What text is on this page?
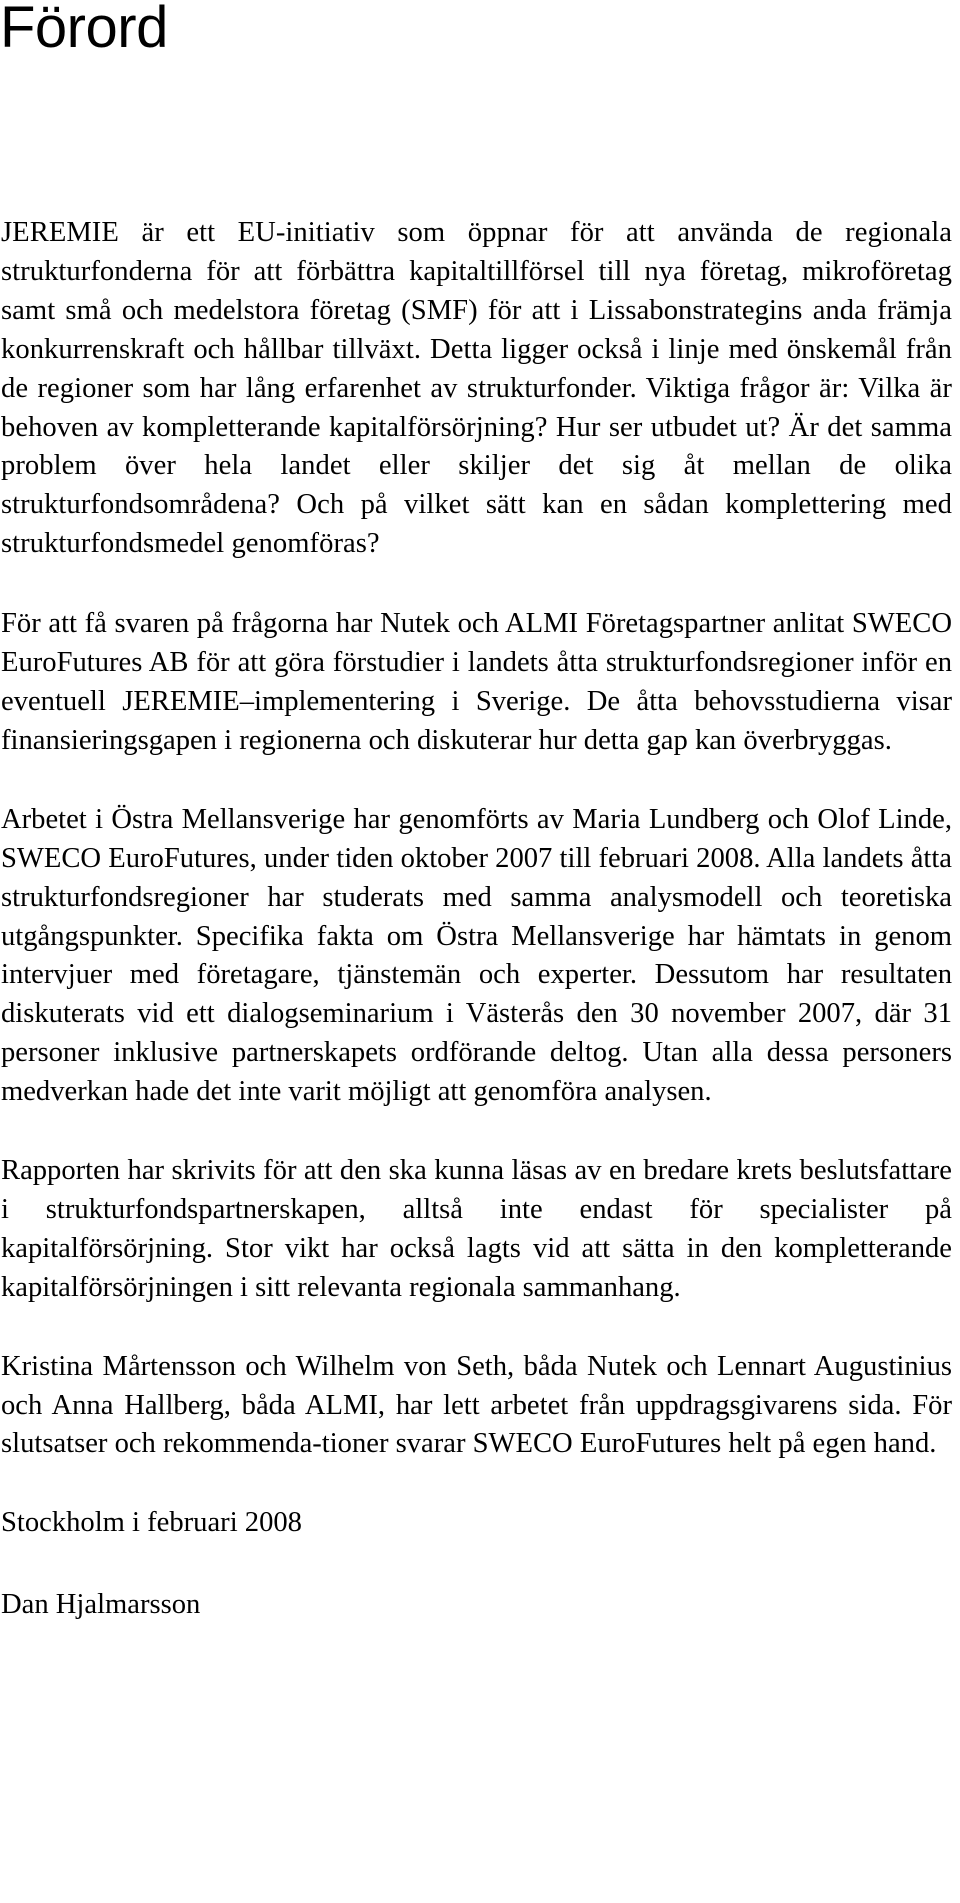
Förord

JEREMIE är ett EU-initiativ som öppnar för att använda de regionala strukturfonderna för att förbättra kapitaltillförsel till nya företag, mikroföretag samt små och medelstora företag (SMF) för att i Lissabonstrategins anda främja konkurrenskraft och hållbar tillväxt. Detta ligger också i linje med önskemål från de regioner som har lång erfarenhet av strukturfonder. Viktiga frågor är: Vilka är behoven av kompletterande kapitalförsörjning? Hur ser utbudet ut? Är det samma problem över hela landet eller skiljer det sig åt mellan de olika strukturfondsområdena? Och på vilket sätt kan en sådan komplettering med strukturfondsmedel genomföras?

För att få svaren på frågorna har Nutek och ALMI Företagspartner anlitat SWECO EuroFutures AB för att göra förstudier i landets åtta strukturfondsregioner inför en eventuell JEREMIE–implementering i Sverige. De åtta behovsstudierna visar finansieringsgapen i regionerna och diskuterar hur detta gap kan överbryggas.

Arbetet i Östra Mellansverige har genomförts av Maria Lundberg och Olof Linde, SWECO EuroFutures, under tiden oktober 2007 till februari 2008. Alla landets åtta strukturfondsregioner har studerats med samma analysmodell och teoretiska utgångspunkter. Specifika fakta om Östra Mellansverige har hämtats in genom intervjuer med företagare, tjänstemän och experter. Dessutom har resultaten diskuterats vid ett dialogseminarium i Västerås den 30 november 2007, där 31 personer inklusive partnerskapets ordförande deltog. Utan alla dessa personers medverkan hade det inte varit möjligt att genomföra analysen.

Rapporten har skrivits för att den ska kunna läsas av en bredare krets beslutsfattare i strukturfondspartnerskapen, alltså inte endast för specialister på kapitalförsörjning. Stor vikt har också lagts vid att sätta in den kompletterande kapitalförsörjningen i sitt relevanta regionala sammanhang.

Kristina Mårtensson och Wilhelm von Seth, båda Nutek och Lennart Augustinius och Anna Hallberg, båda ALMI, har lett arbetet från uppdragsgivarens sida. För slutsatser och rekommenda-tioner svarar SWECO EuroFutures helt på egen hand.

Stockholm i februari 2008

Dan Hjalmarsson
